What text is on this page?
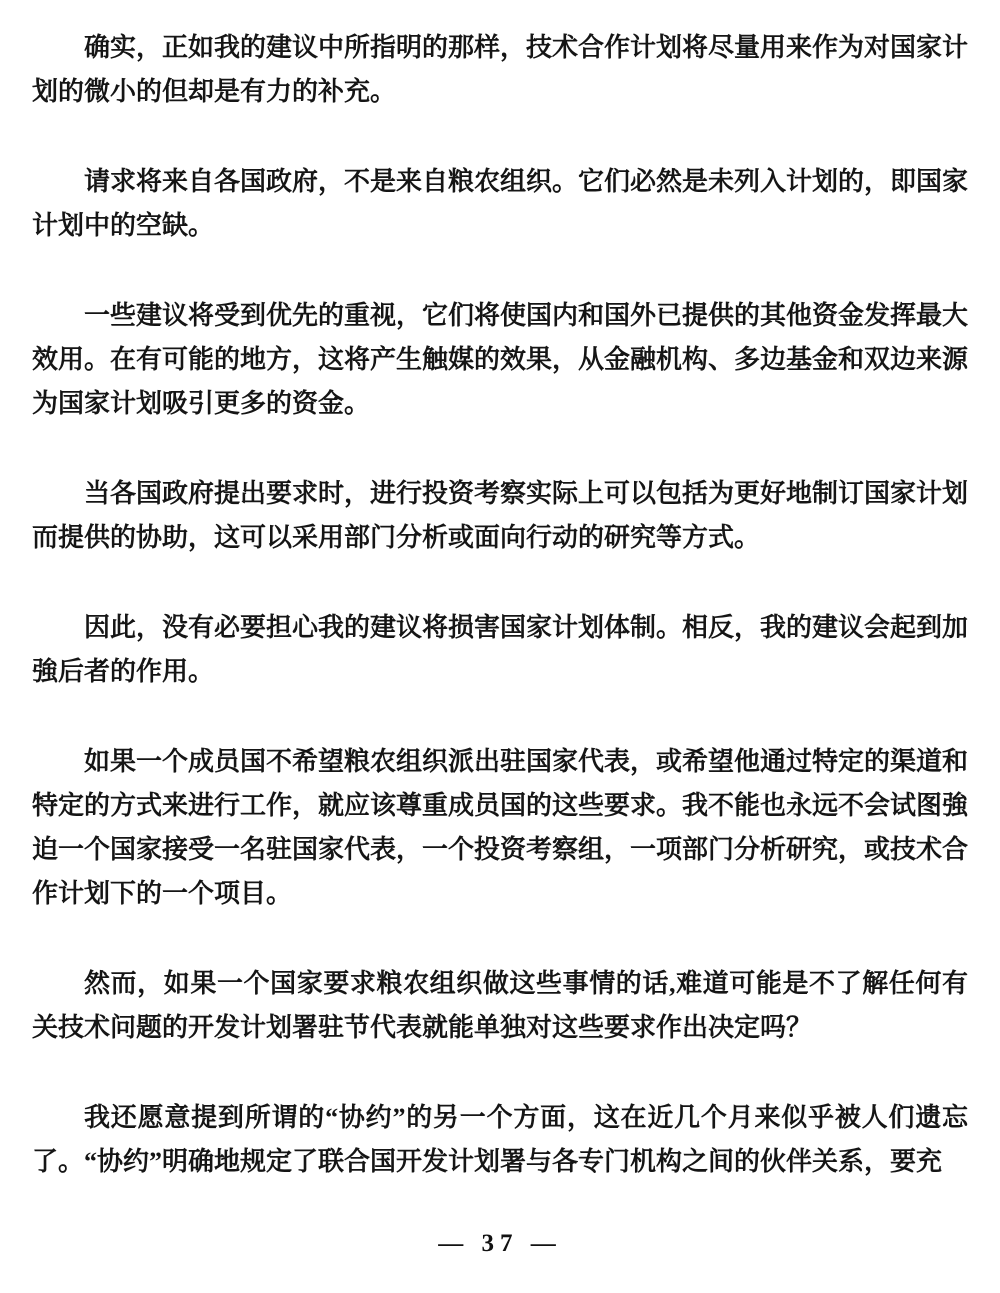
确实，正如我的建议中所指明的那样，技术合作计划将尽量用来作为对国家计划的微小的但却是有力的补充。

请求将来自各国政府，不是来自粮农组织。它们必然是未列入计划的，即国家计划中的空缺。

一些建议将受到优先的重视，它们将使国内和国外已提供的其他资金发挥最大效用。在有可能的地方，这将产生触媒的效果，从金融机构、多边基金和双边来源为国家计划吸引更多的资金。

当各国政府提出要求时，进行投资考察实际上可以包括为更好地制订国家计划而提供的协助，这可以采用部门分析或面向行动的研究等方式。

因此，没有必要担心我的建议将损害国家计划体制。相反，我的建议会起到加強后者的作用。

如果一个成员国不希望粮农组织派出驻国家代表，或希望他通过特定的渠道和特定的方式来进行工作，就应该尊重成员国的这些要求。我不能也永远不会试图強迫一个国家接受一名驻国家代表，一个投资考察组，一项部门分析研究，或技术合作计划下的一个项目。

然而，如果一个国家要求粮农组织做这些事情的话,难道可能是不了解任何有关技术问题的开发计划署驻节代表就能单独对这些要求作出决定吗？

我还愿意提到所谓的“协约”的另一个方面，这在近几个月来似乎被人们遗忘了。“协约”明确地规定了联合国开发计划署与各专门机构之间的伙伴关系，要充

— 37 —
